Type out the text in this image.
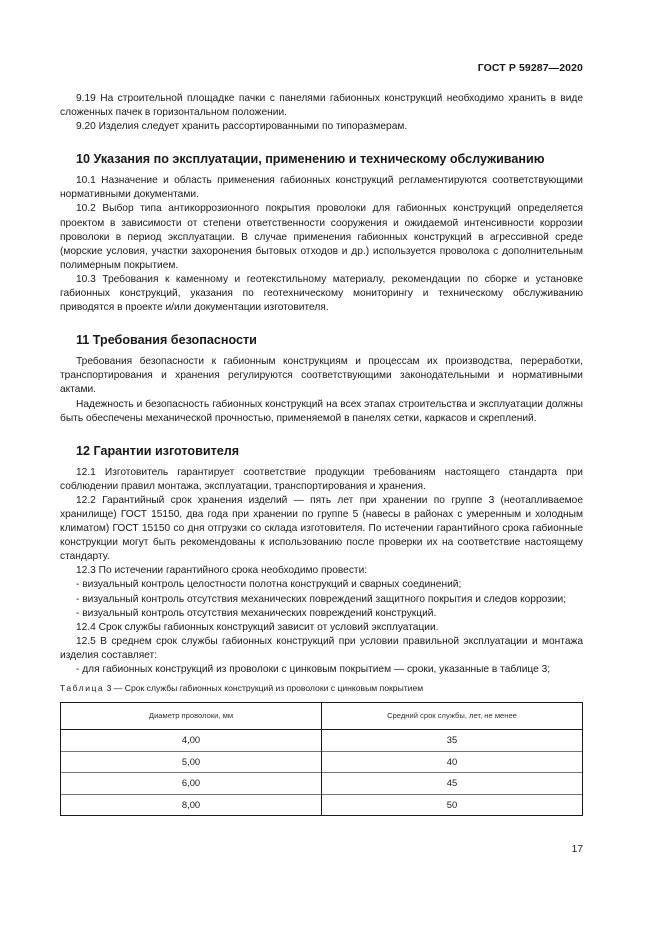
ГОСТ Р 59287—2020

9.19 На строительной площадке пачки с панелями габионных конструкций необходимо хранить в виде сложенных пачек в горизонтальном положении.

9.20 Изделия следует хранить рассортированными по типоразмерам.

10 Указания по эксплуатации, применению и техническому обслуживанию

10.1 Назначение и область применения габионных конструкций регламентируются соответствующими нормативными документами.

10.2 Выбор типа антикоррозионного покрытия проволоки для габионных конструкций определяется проектом в зависимости от степени ответственности сооружения и ожидаемой интенсивности коррозии проволоки в период эксплуатации. В случае применения габионных конструкций в агрессивной среде (морские условия, участки захоронения бытовых отходов и др.) используется проволока с дополнительным полимерным покрытием.

10.3 Требования к каменному и геотекстильному материалу, рекомендации по сборке и установке габионных конструкций, указания по геотехническому мониторингу и техническому обслуживанию приводятся в проекте и/или документации изготовителя.

11 Требования безопасности

Требования безопасности к габионным конструкциям и процессам их производства, переработки, транспортирования и хранения регулируются соответствующими законодательными и нормативными актами.

Надежность и безопасность габионных конструкций на всех этапах строительства и эксплуатации должны быть обеспечены механической прочностью, применяемой в панелях сетки, каркасов и скреплений.

12 Гарантии изготовителя

12.1 Изготовитель гарантирует соответствие продукции требованиям настоящего стандарта при соблюдении правил монтажа, эксплуатации, транспортирования и хранения.

12.2 Гарантийный срок хранения изделий — пять лет при хранении по группе 3 (неотапливаемое хранилище) ГОСТ 15150, два года при хранении по группе 5 (навесы в районах с умеренным и холодным климатом) ГОСТ 15150 со дня отгрузки со склада изготовителя. По истечении гарантийного срока габионные конструкции могут быть рекомендованы к использованию после проверки их на соответствие настоящему стандарту.

12.3 По истечении гарантийного срока необходимо провести:

- визуальный контроль целостности полотна конструкций и сварных соединений;

- визуальный контроль отсутствия механических повреждений защитного покрытия и следов коррозии;

- визуальный контроль отсутствия механических повреждений конструкций.

12.4 Срок службы габионных конструкций зависит от условий эксплуатации.

12.5 В среднем срок службы габионных конструкций при условии правильной эксплуатации и монтажа изделия составляет:

- для габионных конструкций из проволоки с цинковым покрытием — сроки, указанные в таблице 3;

Таблица 3 — Срок службы габионных конструкций из проволоки с цинковым покрытием
Диаметр проволоки, мм	Средний срок службы, лет, не менее
4,00	35
5,00	40
6,00	45
8,00	50
17
